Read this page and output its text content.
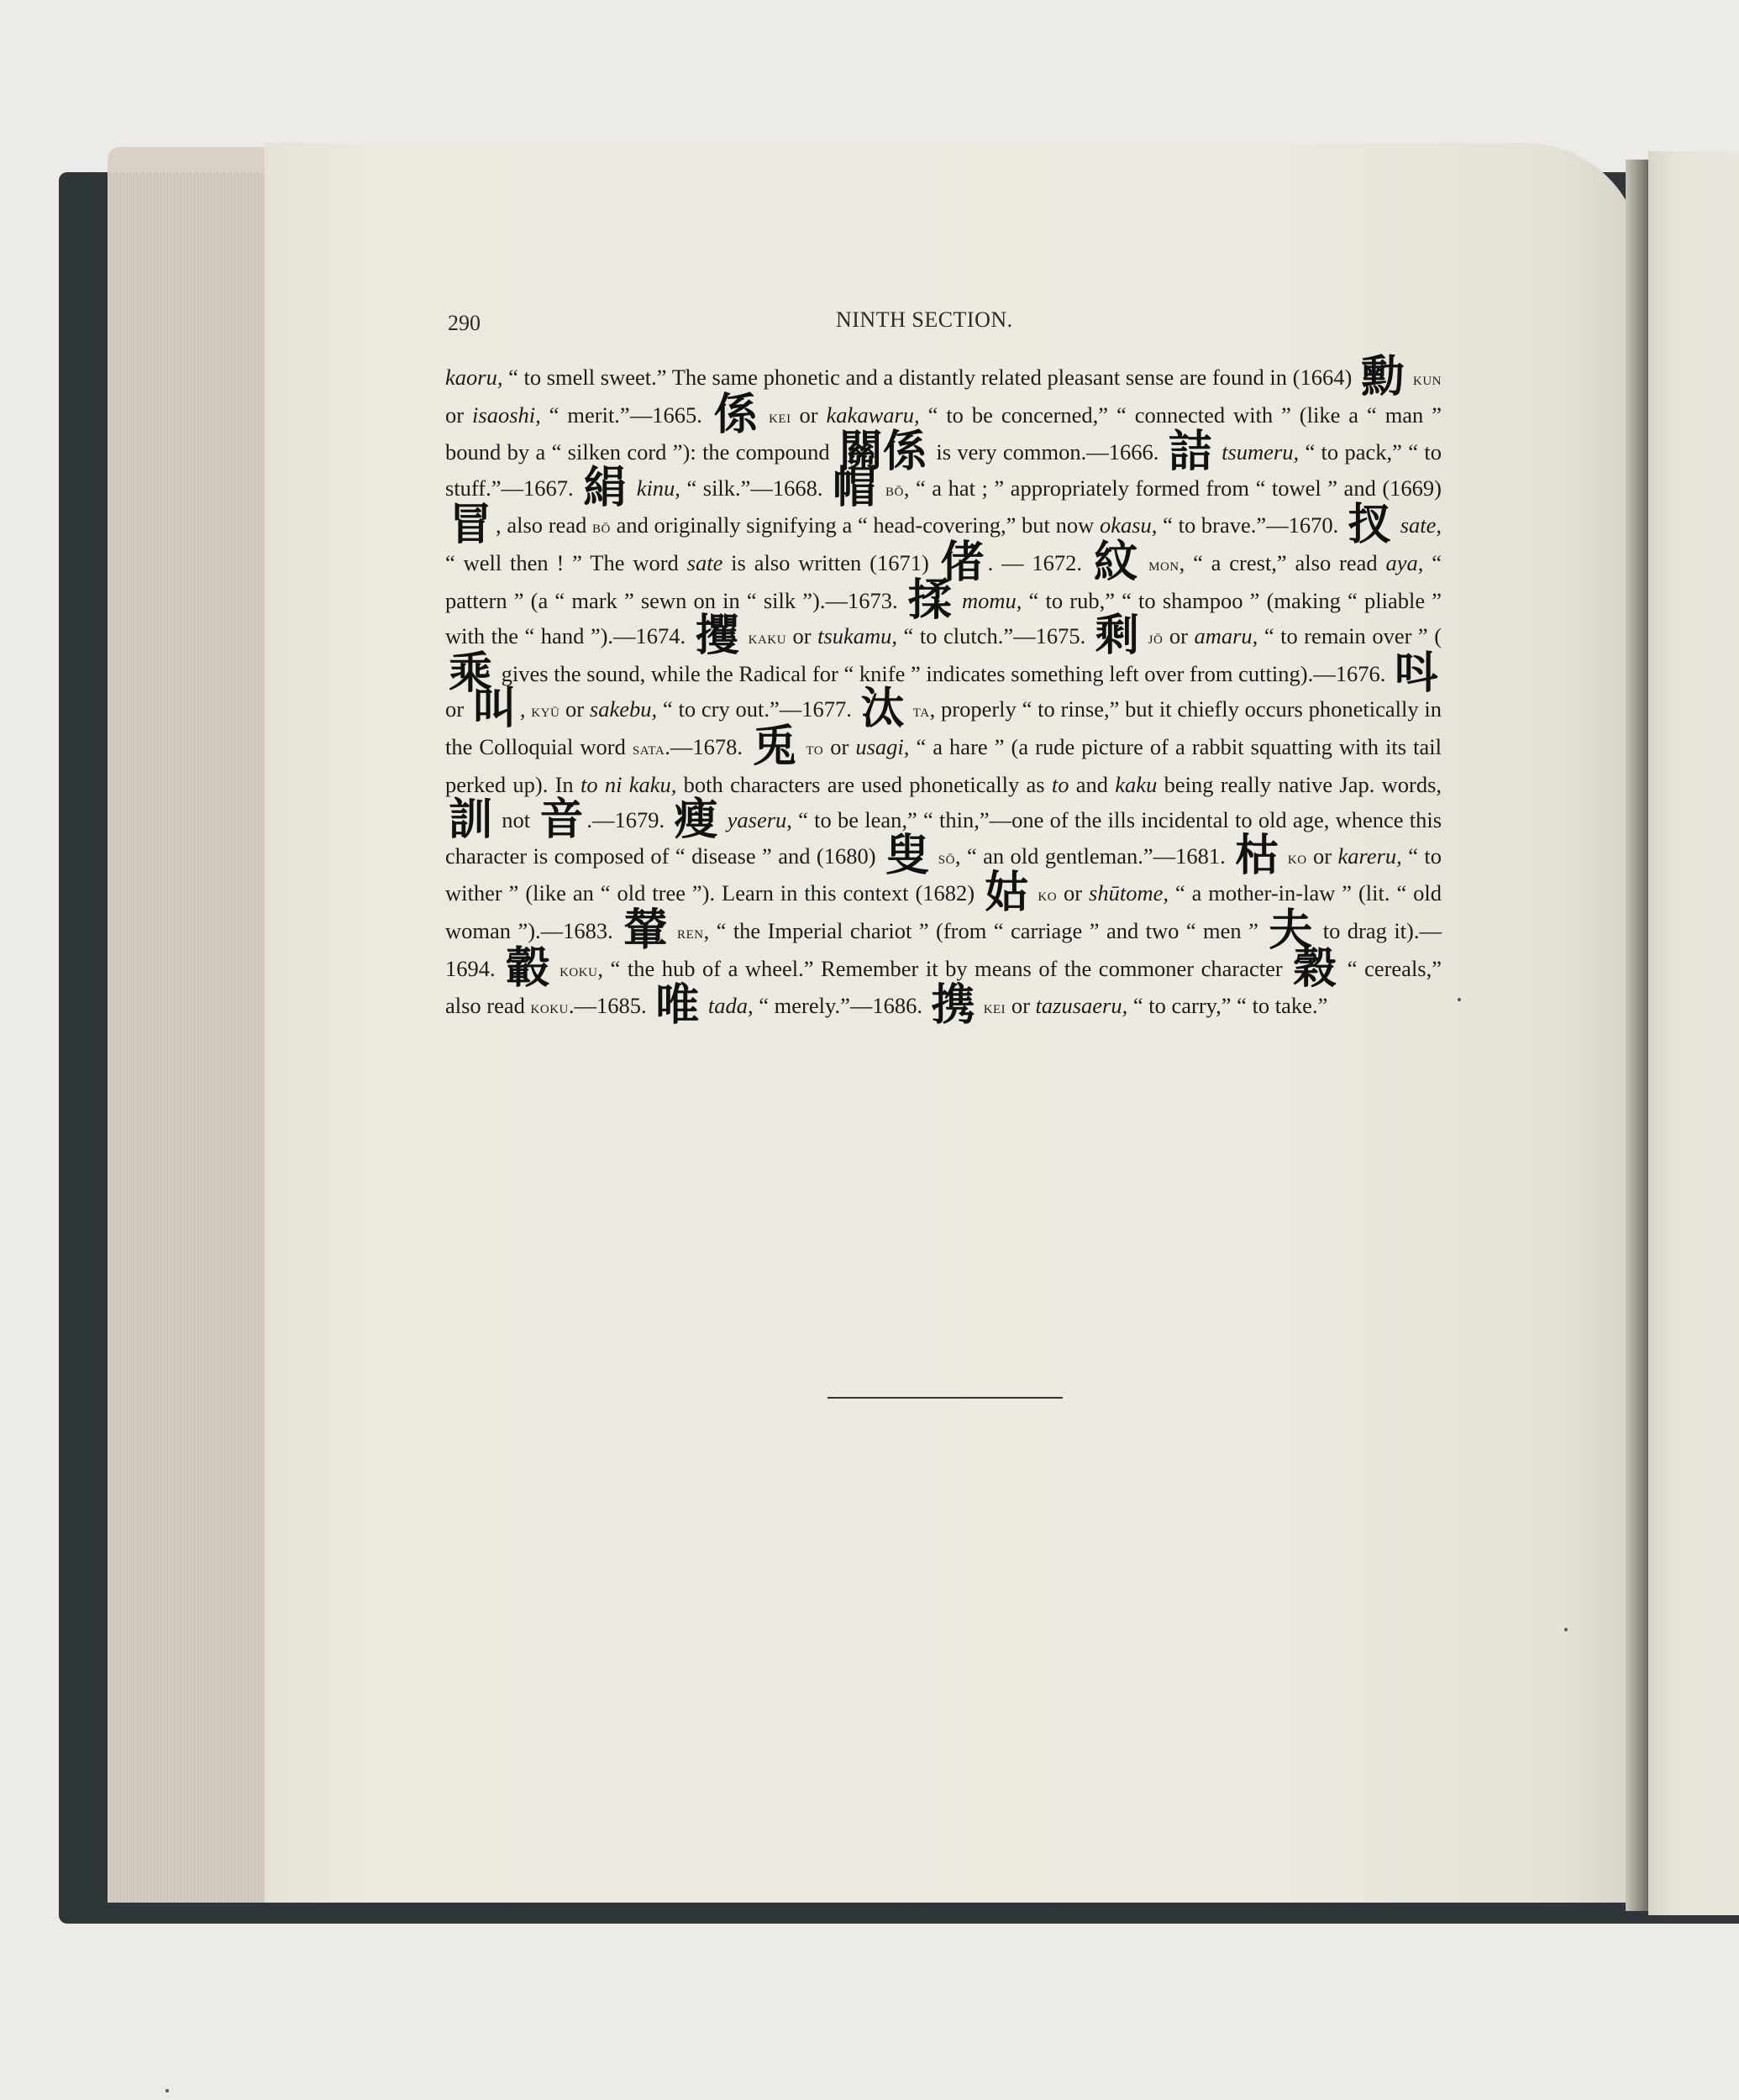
290	NINTH SECTION.
kaoru, “ to smell sweet.” The same phonetic and a distantly related pleasant sense are found in (1664) 勳 kun or isaoshi, “ merit.”—1665. 係 kei or kakawaru, “ to be concerned,” “ connected with ” (like a “ man ” bound by a “ silken cord ”): the compound 關係 is very common.—1666. 詰 tsumeru, “ to pack,” “ to stuff.”—1667. 絹 kinu, “ silk.”—1668. 帽 bō, “ a hat ; ” appropriately formed from “ towel ” and (1669) 冒 , also read bō and originally signifying a “ head-covering,” but now okasu, “ to brave.”—1670. 扠 sate, “ well then ! ” The word sate is also written (1671) 偖 . — 1672. 紋 mon, “ a crest,” also read aya, “ pattern ” (a “ mark ” sewn on in “ silk ”).—1673. 揉 momu, “ to rub,” “ to shampoo ” (making “ pliable ” with the “ hand ”).—1674. 攫 kaku or tsukamu, “ to clutch.”—1675. 剩 jō or amaru, “ to remain over ” ( 乘 gives the sound, while the Radical for “ knife ” indicates something left over from cutting).—1676. 呌 or 叫 , kyū or sakebu, “ to cry out.”—1677. 汰 ta, properly “ to rinse,” but it chiefly occurs phonetically in the Colloquial word sata.—1678. 兎 to or usagi, “ a hare ” (a rude picture of a rabbit squatting with its tail perked up). In to ni kaku, both characters are used phonetically as to and kaku being really native Jap. words, 訓 not 音 .—1679. 瘦 yaseru, “ to be lean,” “ thin,”—one of the ills incidental to old age, whence this character is composed of “ disease ” and (1680) 叟 sō, “ an old gentleman.”—1681. 枯 ko or kareru, “ to wither ” (like an “ old tree ”). Learn in this context (1682) 姑 ko or shūtome, “ a mother-in-law ” (lit. “ old woman ”).—1683. 輦 ren, “ the Imperial chariot ” (from “ carriage ” and two “ men ” 夫 to drag it).—1694. 轂 koku, “ the hub of a wheel.” Remember it by means of the commoner character 穀 “ cereals,” also read koku.—1685. 唯 tada, “ merely.”—1686. 携 kei or tazusaeru, “ to carry,” “ to take.”
